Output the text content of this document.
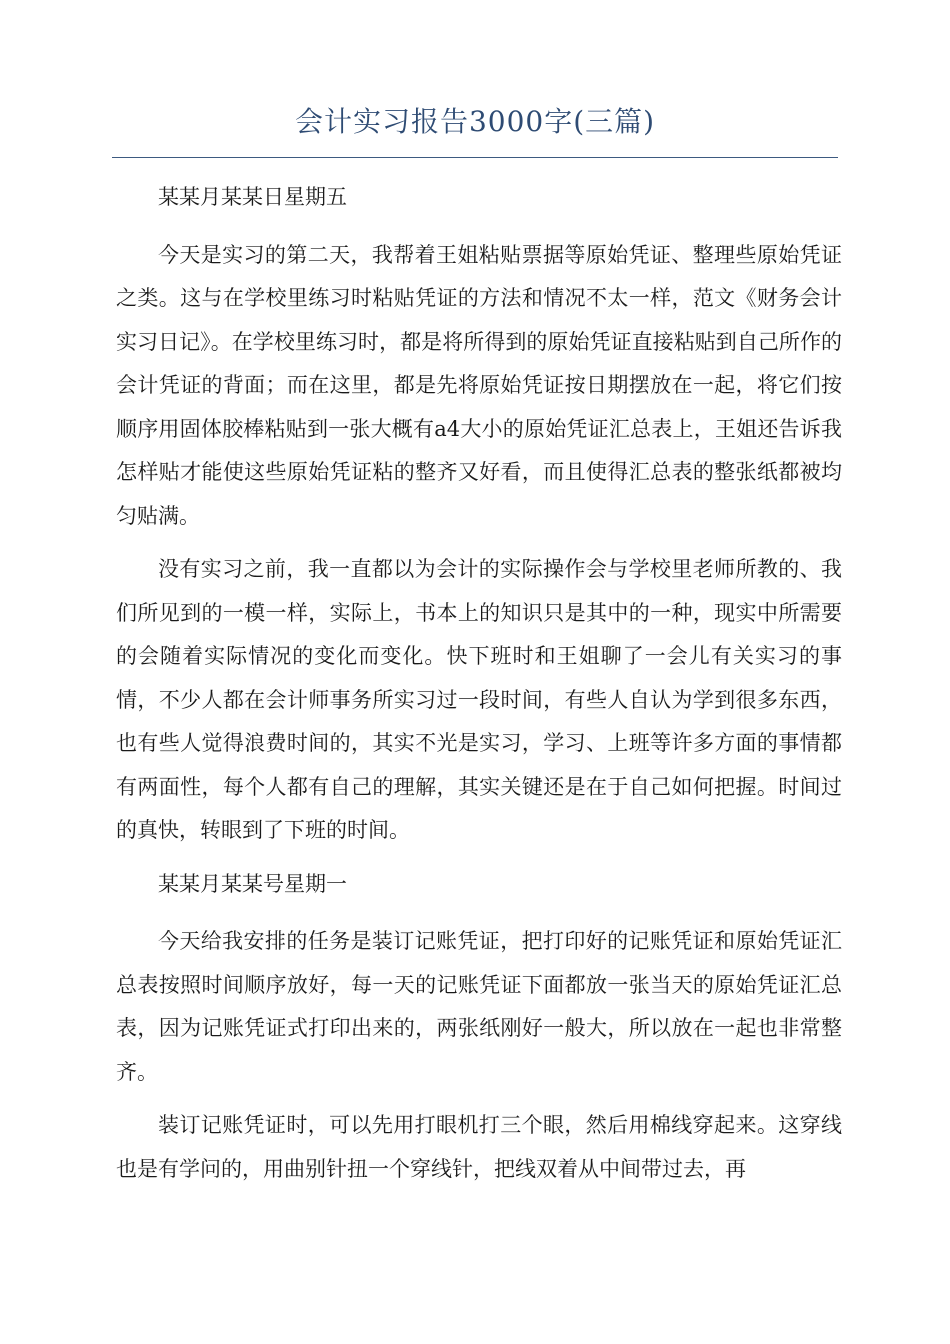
会计实习报告3000字(三篇)

某某月某某日星期五

今天是实习的第二天，我帮着王姐粘贴票据等原始凭证、整理些原始凭证之类。这与在学校里练习时粘贴凭证的方法和情况不太一样，范文《财务会计实习日记》。在学校里练习时，都是将所得到的原始凭证直接粘贴到自己所作的会计凭证的背面；而在这里，都是先将原始凭证按日期摆放在一起，将它们按顺序用固体胶棒粘贴到一张大概有a4大小的原始凭证汇总表上，王姐还告诉我怎样贴才能使这些原始凭证粘的整齐又好看，而且使得汇总表的整张纸都被均匀贴满。

没有实习之前，我一直都以为会计的实际操作会与学校里老师所教的、我们所见到的一模一样，实际上，书本上的知识只是其中的一种，现实中所需要的会随着实际情况的变化而变化。快下班时和王姐聊了一会儿有关实习的事情，不少人都在会计师事务所实习过一段时间，有些人自认为学到很多东西，也有些人觉得浪费时间的，其实不光是实习，学习、上班等许多方面的事情都有两面性，每个人都有自己的理解，其实关键还是在于自己如何把握。时间过的真快，转眼到了下班的时间。

某某月某某号星期一

今天给我安排的任务是装订记账凭证，把打印好的记账凭证和原始凭证汇总表按照时间顺序放好，每一天的记账凭证下面都放一张当天的原始凭证汇总表，因为记账凭证式打印出来的，两张纸刚好一般大，所以放在一起也非常整齐。

装订记账凭证时，可以先用打眼机打三个眼，然后用棉线穿起来。这穿线也是有学问的，用曲别针扭一个穿线针，把线双着从中间带过去，再
